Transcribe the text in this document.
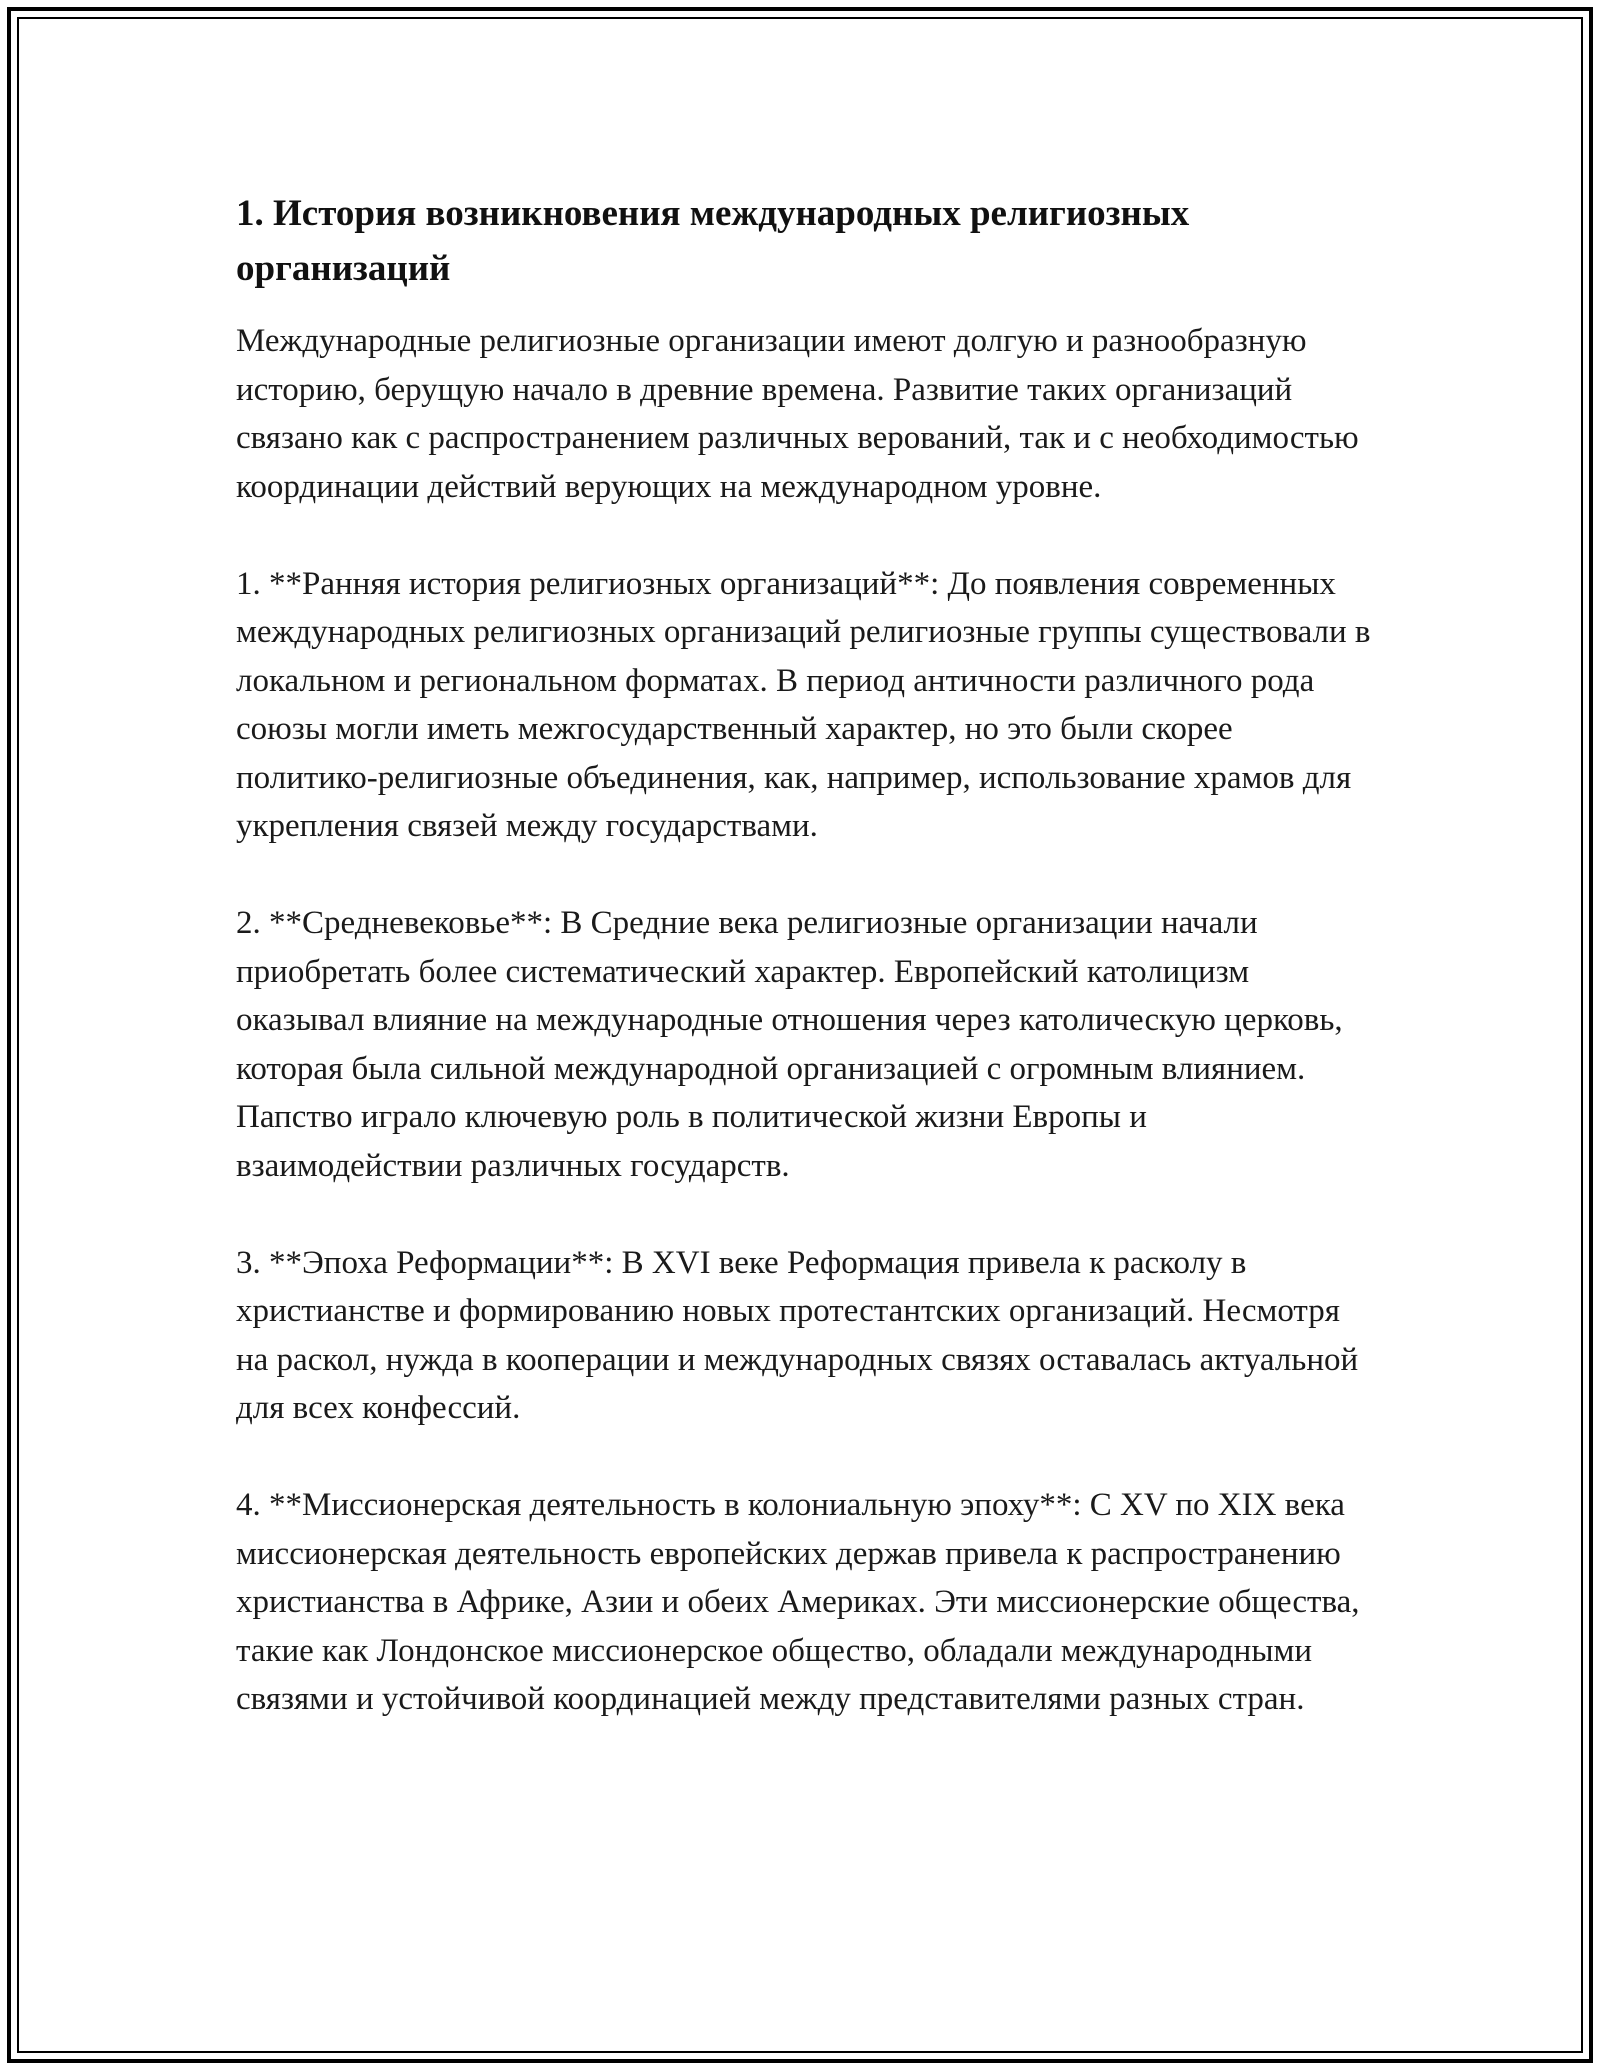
1. История возникновения международных религиозных организаций

Международные религиозные организации имеют долгую и разнообразную историю, берущую начало в древние времена. Развитие таких организаций связано как с распространением различных верований, так и с необходимостью координации действий верующих на международном уровне.

1. **Ранняя история религиозных организаций**: До появления современных международных религиозных организаций религиозные группы существовали в локальном и региональном форматах. В период античности различного рода союзы могли иметь межгосударственный характер, но это были скорее политико-религиозные объединения, как, например, использование храмов для укрепления связей между государствами.

2. **Средневековье**: В Средние века религиозные организации начали приобретать более систематический характер. Европейский католицизм оказывал влияние на международные отношения через католическую церковь, которая была сильной международной организацией с огромным влиянием. Папство играло ключевую роль в политической жизни Европы и взаимодействии различных государств.

3. **Эпоха Реформации**: В XVI веке Реформация привела к расколу в христианстве и формированию новых протестантских организаций. Несмотря на раскол, нужда в кооперации и международных связях оставалась актуальной для всех конфессий.

4. **Миссионерская деятельность в колониальную эпоху**: С XV по XIX века миссионерская деятельность европейских держав привела к распространению христианства в Африке, Азии и обеих Америках. Эти миссионерские общества, такие как Лондонское миссионерское общество, обладали международными связями и устойчивой координацией между представителями разных стран.
